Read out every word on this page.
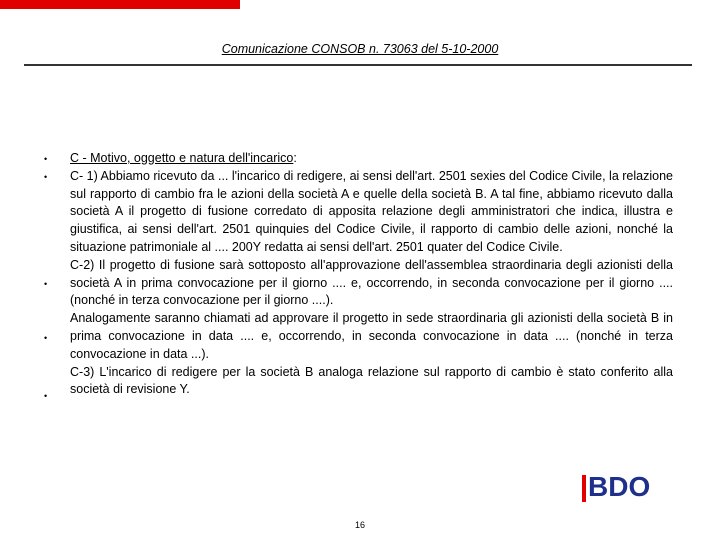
Comunicazione CONSOB n. 73063 del 5-10-2000
•
•
•
•
•

C - Motivo, oggetto e natura dell'incarico:

C- 1) Abbiamo ricevuto da ... l'incarico di redigere, ai sensi dell'art. 2501 sexies del Codice Civile, la relazione sul rapporto di cambio fra le azioni della società A e quelle della società B. A tal fine, abbiamo ricevuto dalla società A il progetto di fusione corredato di apposita relazione degli amministratori che indica, illustra e giustifica, ai sensi dell'art. 2501 quinquies del Codice Civile, il rapporto di cambio delle azioni, nonché la situazione patrimoniale al .... 200Y redatta ai sensi dell'art. 2501 quater del Codice Civile.

C-2) Il progetto di fusione sarà sottoposto all'approvazione dell'assemblea straordinaria degli azionisti della società A in prima convocazione per il giorno .... e, occorrendo, in seconda convocazione per il giorno .... (nonché in terza convocazione per il giorno ....).

Analogamente saranno chiamati ad approvare il progetto in sede straordinaria gli azionisti della società B in prima convocazione in data .... e, occorrendo, in seconda convocazione in data .... (nonché in terza convocazione in data ...).

C-3) L'incarico di redigere per la società B analoga relazione sul rapporto di cambio è stato conferito alla società di revisione Y.

BDO
16
